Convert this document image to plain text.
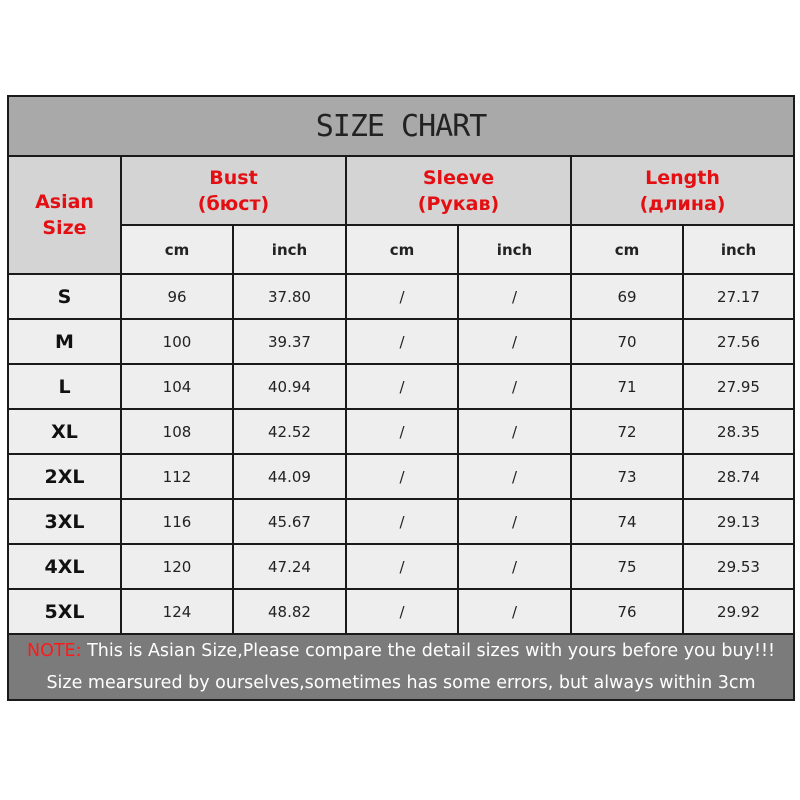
SIZE CHART						
Asian
Size	Bust
(бюст)		Sleeve
(Рукав)		Length
(длина)	
	cm	inch	cm	inch	cm	inch
S	96	37.80	/	/	69	27.17
M	100	39.37	/	/	70	27.56
L	104	40.94	/	/	71	27.95
XL	108	42.52	/	/	72	28.35
2XL	112	44.09	/	/	73	28.74
3XL	116	45.67	/	/	74	29.13
4XL	120	47.24	/	/	75	29.53
5XL	124	48.82	/	/	76	29.92
NOTE: This is Asian Size,Please compare the detail sizes with yours before you buy!!!						
Size mearsured by ourselves,sometimes has some errors, but always within 3cm						
